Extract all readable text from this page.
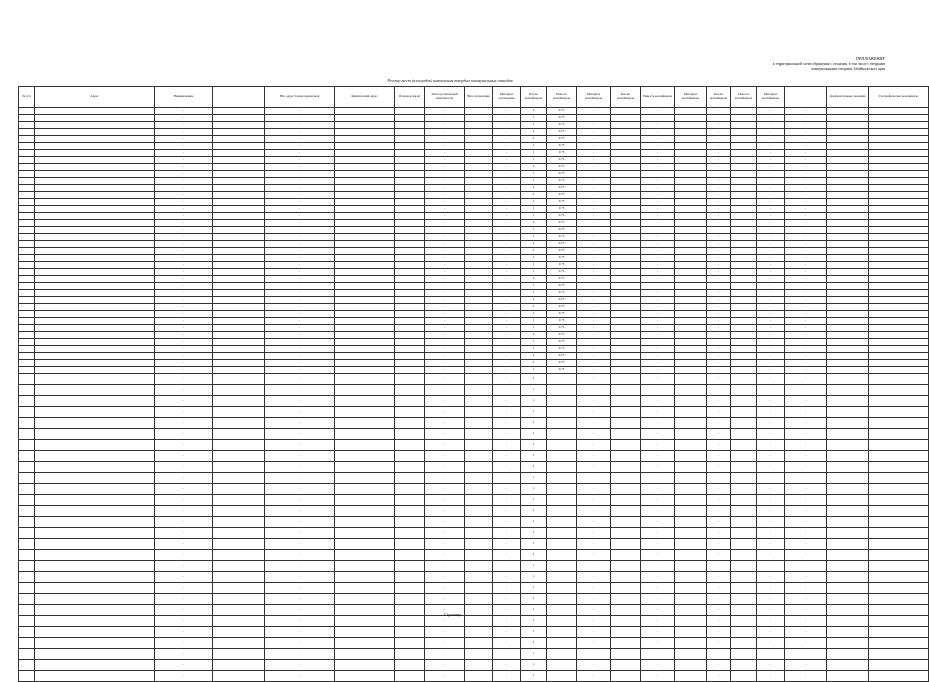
ПРИЛОЖЕНИЕ
к территориальной схеме обращения с отходами, в том числе с твердыми
коммунальными отходами, Забайкальского края
Реестр мест (площадок) накопления твердых коммунальных отходов
№ п/п	Адрес	Наименование		Юр. адрес балансодержателя	Фактический адрес	Площадь (кв.м)	Тип подстилающей поверхности	Вид ограждения	Материал ограждения	Кол-во контейнеров	Емкость контейнеров	Материал контейнеров	Кол-во контейнеров	Емкость контейнеров	Материал контейнеров	Кол-во контейнеров	Емкость контейнеров	Материал контейнеров		Документальные сведения	Географические координаты
		-		-			-		-	1	0.75	-		-		-		-	-		
		-		-			-		-	1	0.75	-		-		-		-	-		
		-		-			-		-	1	0.75	-		-		-		-	-		
		-		-			-		-	1	0.75	-		-		-		-	-		
		-		-			-		-	1	0.75	-		-		-		-	-		
		-		-			-		-	1	0.75	-		-		-		-	-		
		-		-			-		-	1	0.75	-		-		-		-	-		
		-		-			-		-	1	0.75	-		-		-		-	-		
		-		-			-		-	1	0.75	-		-		-		-	-		
		-		-			-		-	1	0.75	-		-		-		-	-		
		-		-			-		-	1	0.75	-		-		-		-	-		
		-		-			-		-	1	0.75	-		-		-		-	-		
		-		-			-		-	1	0.75	-		-		-		-	-		
		-		-			-		-	1	0.75	-		-		-		-	-		
		-		-			-		-	1	0.75	-		-		-		-	-		
		-		-			-		-	1	0.75	-		-		-		-	-		
		-		-			-		-	1	0.75	-		-		-		-	-		
		-		-			-		-	1	0.75	-		-		-		-	-		
		-		-			-		-	1	0.75	-		-		-		-	-		
		-		-			-		-	1	0.75	-		-		-		-	-		
		-		-			-		-	1	0.75	-		-		-		-	-		
		-		-			-		-	1	0.75	-		-		-		-	-		
		-		-			-		-	1	0.75	-		-		-		-	-		
		-		-			-		-	1	0.75	-		-		-		-	-		
		-		-			-		-	1	0.75	-		-		-		-	-		
		-		-			-		-	1	0.75	-		-		-		-	-		
		-		-			-		-	1	0.75	-		-		-		-	-		
		-		-			-		-	1	0.75	-		-		-		-	-		
		-		-			-		-	1	0.75	-		-		-		-	-		
		-		-			-		-	1	0.75	-		-		-		-	-		
		-		-			-		-	1	0.75	-		-		-		-	-		
		-		-			-		-	1	0.75	-		-		-		-	-		
		-		-			-		-	1	0.75	-		-		-		-	-		
		-		-			-		-	1	0.75	-		-		-		-	-		
		-		-			-		-	1	0.75	-		-		-		-	-		
		-		-			-		-	1	0.75	-		-		-		-	-		
		-		-			-		-	1	0.75	-		-		-		-	-		
		-		-			-		-	1	0.75	-		-		-		-	-		
		-		-			-		-	1		-		-		-		-	-		
		-		-			-		-	1		-		-		-		-	-		
		-		-			-		-	1		-		-		-		-	-		
		-		-			-		-	1		-		-		-		-	-		
		-		-			-		-	1		-		-		-		-	-		
		-		-			-		-	1		-		-		-		-	-		
		-		-			-		-	1		-		-		-		-	-		
		-		-			-		-	1		-		-		-		-	-		
		-		-			-		-	1		-		-		-		-	-		
		-		-			-		-	1		-		-		-		-	-		
		-		-			-		-	1		-		-		-		-	-		
		-		-			-		-	1		-		-		-		-	-		
		-		-			-		-	1		-		-		-		-	-		
		-		-			-		-	1		-		-		-		-	-		
		-		-			-		-	1		-		-		-		-	-		
		-		-			-		-	1		-		-		-		-	-		
		-		-			-		-	1		-		-		-		-	-		
		-		-			-		-	1		-		-		-		-	-		
		-		-			-		-	1		-		-		-		-	-		
		-		-			-		-	1		-		-		-		-	-		
		-		-			-		-	1		-		-		-		-	-		
		-		-			-		-	1		-		-		-		-	-		
		-		-			-		-	1		-		-		-		-	-		
		-		-			-		-	1		-		-		-		-	-		
		-		-			-		-	1		-		-		-		-	-		
		-		-			-		-	1		-		-		-		-	-		
		-		-			-		-	1		-		-		-		-	-		
		-		-			-		-	1		-		-		-		-	-		
Страница
